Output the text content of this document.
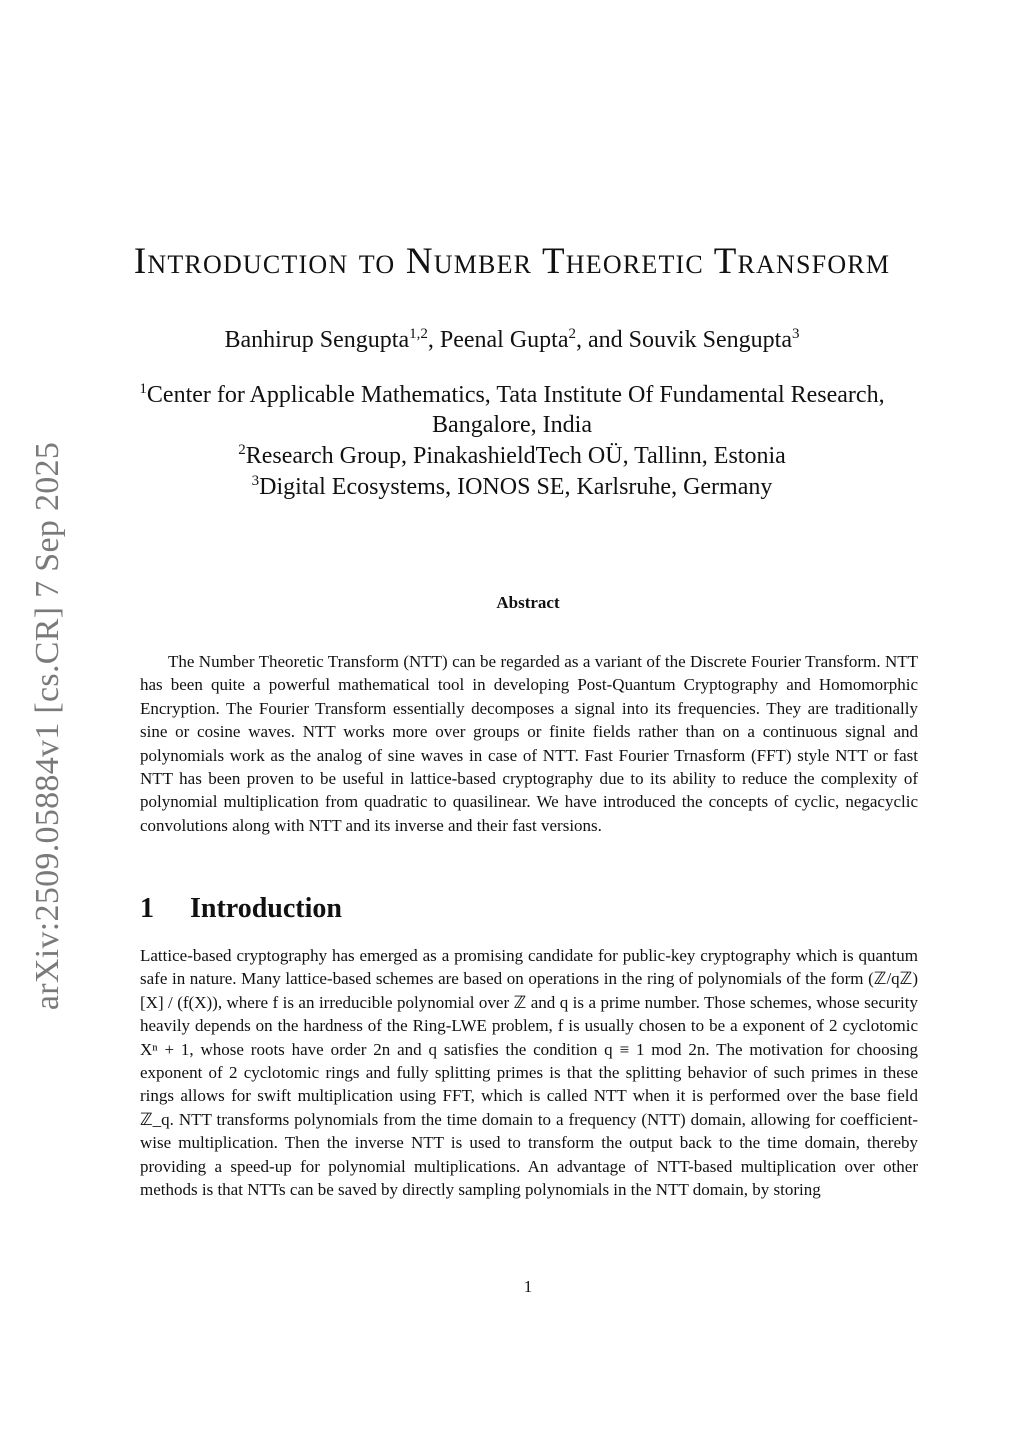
arXiv:2509.05884v1 [cs.CR] 7 Sep 2025
Introduction to Number Theoretic Transform
Banhirup Sengupta$^{1,2}$, Peenal Gupta$^2$, and Souvik Sengupta$^3$
$^1$Center for Applicable Mathematics, Tata Institute Of Fundamental Research,
Bangalore, India
$^2$Research Group, PinakashieldTech OÜ, Tallinn, Estonia
$^3$Digital Ecosystems, IONOS SE, Karlsruhe, Germany
Abstract

The Number Theoretic Transform (NTT) can be regarded as a variant of the Discrete Fourier Transform. NTT has been quite a powerful mathematical tool in developing Post-Quantum Cryptography and Homomorphic Encryption. The Fourier Transform essentially decomposes a signal into its frequencies. They are traditionally sine or cosine waves. NTT works more over groups or finite fields rather than on a continuous signal and polynomials work as the analog of sine waves in case of NTT. Fast Fourier Trnasform (FFT) style NTT or fast NTT has been proven to be useful in lattice-based cryptography due to its ability to reduce the complexity of polynomial multiplication from quadratic to quasilinear. We have introduced the concepts of cyclic, negacyclic convolutions along with NTT and its inverse and their fast versions.

1 Introduction

Lattice-based cryptography has emerged as a promising candidate for public-key cryptography which is quantum safe in nature. Many lattice-based schemes are based on operations in the ring of polynomials of the form (ℤ/qℤ) [X] / (f(X)), where f is an irreducible polynomial over ℤ and q is a prime number. Those schemes, whose security heavily depends on the hardness of the Ring-LWE problem, f is usually chosen to be a exponent of 2 cyclotomic Xⁿ + 1, whose roots have order 2n and q satisfies the condition q ≡ 1 mod 2n. The motivation for choosing exponent of 2 cyclotomic rings and fully splitting primes is that the splitting behavior of such primes in these rings allows for swift multiplication using FFT, which is called NTT when it is performed over the base field ℤ_q. NTT transforms polynomials from the time domain to a frequency (NTT) domain, allowing for coefficient-wise multiplication. Then the inverse NTT is used to transform the output back to the time domain, thereby providing a speed-up for polynomial multiplications. An advantage of NTT-based multiplication over other methods is that NTTs can be saved by directly sampling polynomials in the NTT domain, by storing

1
